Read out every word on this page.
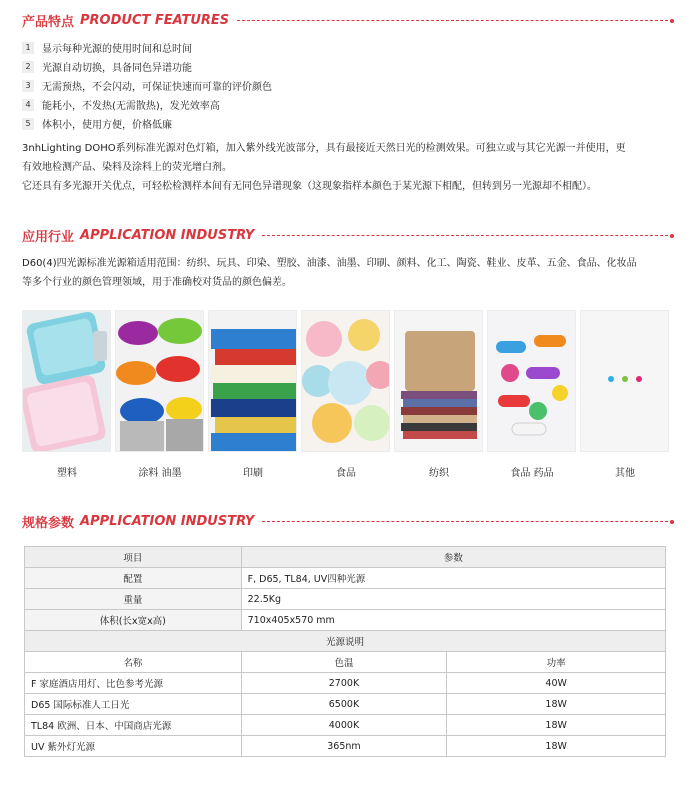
产品特点 PRODUCT FEATURES
1	显示每种光源的使用时间和总时间
2	光源自动切换，具备同色异谱功能
3	无需预热，不会闪动，可保证快速而可靠的评价颜色
4	能耗小，不发热(无需散热)，发光效率高
5	体积小，使用方便，价格低廉
3nhLighting DOHO系列标准光源对色灯箱，加入紫外线光波部分，具有最接近天然日光的检测效果。可独立或与其它光源一并使用，更
有效地检测产品、染料及涂料上的荧光增白剂。
它还具有多光源开关优点，可轻松检测样本间有无同色异谱现象（这现象指样本颜色于某光源下相配，但转到另一光源却不相配）。
应用行业 APPLICATION INDUSTRY
D60(4)四光源标准光源箱适用范围：纺织、玩具、印染、塑胶、油漆、油墨、印刷、颜料、化工、陶瓷、鞋业、皮革、五金、食品、化妆品
等多个行业的颜色管理领域，用于准确校对货品的颜色偏差。
塑料	涂料 油墨	印刷	食品	纺织	食品 药品	其他
规格参数 APPLICATION INDUSTRY
项目	参数	
配置	F, D65, TL84, UV四种光源	
重量	22.5Kg	
体积(长x宽x高)	710x405x570 mm	
光源说明		
名称	色温	功率
F 家庭酒店用灯、比色参考光源	2700K	40W
D65 国际标准人工日光	6500K	18W
TL84 欧洲、日本、中国商店光源	4000K	18W
UV 紫外灯光源	365nm	18W
